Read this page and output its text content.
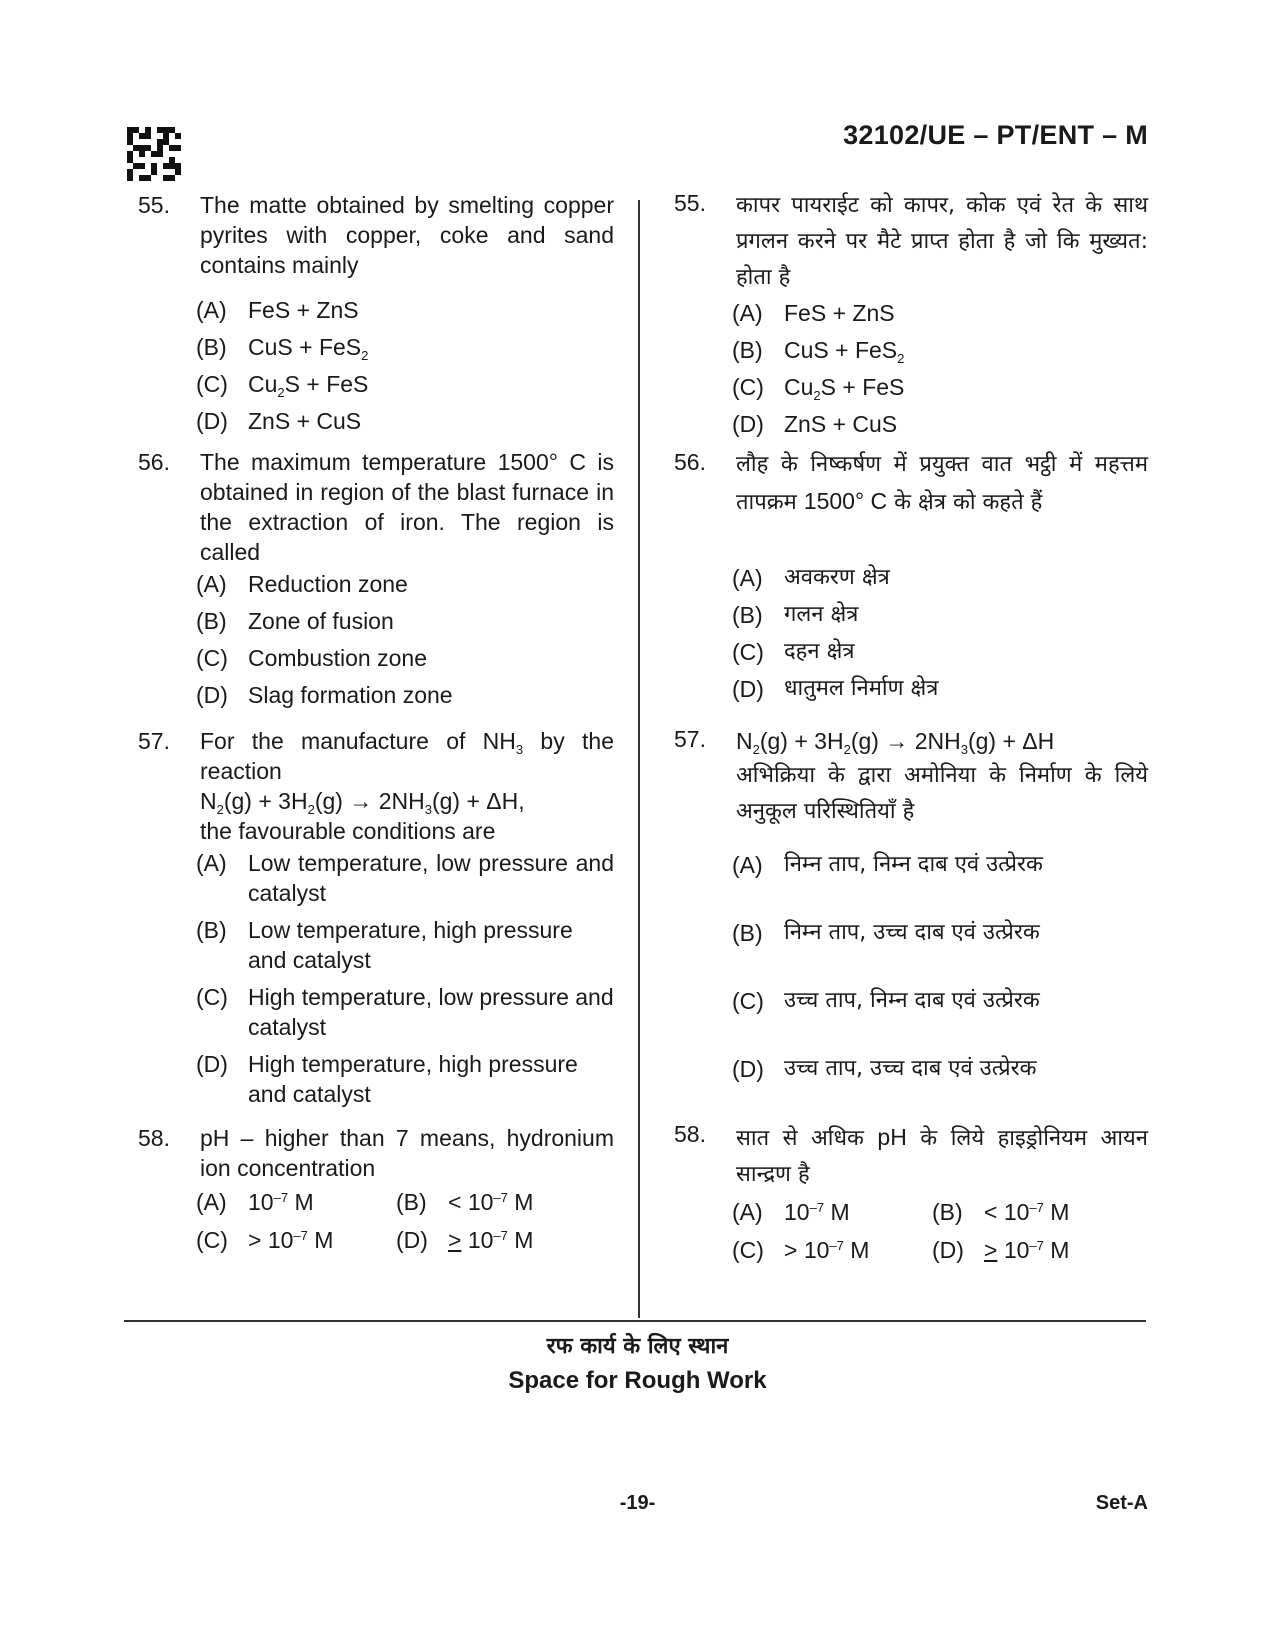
32102/UE – PT/ENT – M
55. The matte obtained by smelting copper pyrites with copper, coke and sand contains mainly
(A) FeS + ZnS
(B) CuS + FeS$_2$
(C) $Cu_2S$ + FeS
(D) ZnS + CuS
56. The maximum temperature 1500° C is obtained in region of the blast furnace in the extraction of iron. The region is called
(A) Reduction zone
(B) Zone of fusion
(C) Combustion zone
(D) Slag formation zone
57. For the manufacture of $NH_3$ by the reaction

$N_2(g) + 3H_2(g) \to 2NH_3(g) + \Delta H$,

the favourable conditions are

(A) Low temperature, low pressure and catalyst
(B) Low temperature, high pressure and catalyst
(C) High temperature, low pressure and catalyst
(D) High temperature, high pressure and catalyst
58. pH – higher than 7 means, hydronium ion concentration
(A) $10^{-7}$ M	$(B) < 10^{-7}$ M
$(C) > 10^{-7}$ M	$(D) > 10^{-7}$ M
55. कापर पायराईट को कापर, कोक एवं रेत के साथ प्रगलन करने पर मैटे प्राप्त होता है जो कि मुख्यत: होता है
(A) FeS + ZnS
(B) CuS + FeS$_2$
(C) $Cu_2S$ + FeS
(D) ZnS + CuS
56. लौह के निष्कर्षण में प्रयुक्त वात भट्ठी में महत्तम तापक्रम 1500° C के क्षेत्र को कहते हैं
(A) अवकरण क्षेत्र
(B) गलन क्षेत्र
(C) दहन क्षेत्र
(D) धातुमल निर्माण क्षेत्र
57. $N_2(g) + 3H_2(g) \to 2NH_3(g) + \Delta H$

अभिक्रिया के द्वारा अमोनिया के निर्माण के लिये अनुकूल परिस्थितियाँ है

(A) निम्न ताप, निम्न दाब एवं उत्प्रेरक
(B) निम्न ताप, उच्च दाब एवं उत्प्रेरक
(C) उच्च ताप, निम्न दाब एवं उत्प्रेरक
(D) उच्च ताप, उच्च दाब एवं उत्प्रेरक
58. सात से अधिक pH के लिये हाइड्रोनियम आयन सान्द्रण है
(A) $10^{-7}$ M	$(B) < 10^{-7}$ M
$(C) > 10^{-7}$ M	$(D) > 10^{-7}$ M
रफ कार्य के लिए स्थान
Space for Rough Work
-19-	Set-A
